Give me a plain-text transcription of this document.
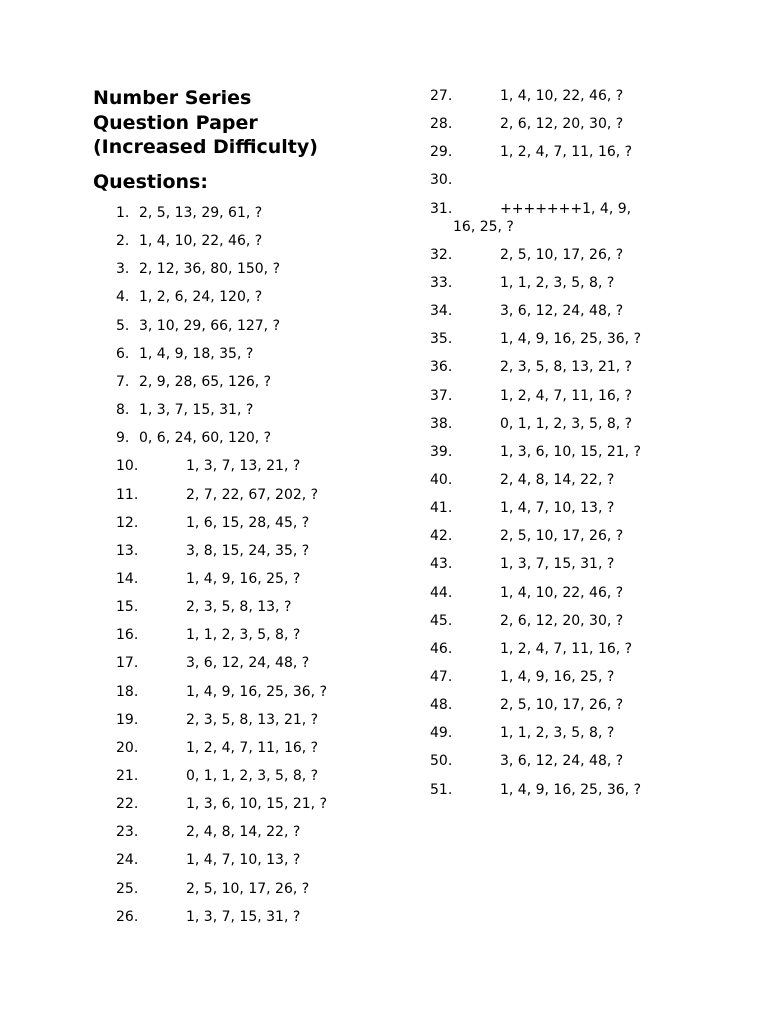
Number Series
Question Paper
(Increased Difficulty)
Questions:
1. 2, 5, 13, 29, 61, ?
2. 1, 4, 10, 22, 46, ?
3. 2, 12, 36, 80, 150, ?
4. 1, 2, 6, 24, 120, ?
5. 3, 10, 29, 66, 127, ?
6. 1, 4, 9, 18, 35, ?
7. 2, 9, 28, 65, 126, ?
8. 1, 3, 7, 15, 31, ?
9. 0, 6, 24, 60, 120, ?
10.	1, 3, 7, 13, 21, ?
11.	2, 7, 22, 67, 202, ?
12.	1, 6, 15, 28, 45, ?
13.	3, 8, 15, 24, 35, ?
14.	1, 4, 9, 16, 25, ?
15.	2, 3, 5, 8, 13, ?
16.	1, 1, 2, 3, 5, 8, ?
17.	3, 6, 12, 24, 48, ?
18.	1, 4, 9, 16, 25, 36, ?
19.	2, 3, 5, 8, 13, 21, ?
20.	1, 2, 4, 7, 11, 16, ?
21.	0, 1, 1, 2, 3, 5, 8, ?
22.	1, 3, 6, 10, 15, 21, ?
23.	2, 4, 8, 14, 22, ?
24.	1, 4, 7, 10, 13, ?
25.	2, 5, 10, 17, 26, ?
26.	1, 3, 7, 15, 31, ?
27.	1, 4, 10, 22, 46, ?
28.	2, 6, 12, 20, 30, ?
29.	1, 2, 4, 7, 11, 16, ?
30.
31.	+++++++1, 4, 9, 16, 25, ?
32.	2, 5, 10, 17, 26, ?
33.	1, 1, 2, 3, 5, 8, ?
34.	3, 6, 12, 24, 48, ?
35.	1, 4, 9, 16, 25, 36, ?
36.	2, 3, 5, 8, 13, 21, ?
37.	1, 2, 4, 7, 11, 16, ?
38.	0, 1, 1, 2, 3, 5, 8, ?
39.	1, 3, 6, 10, 15, 21, ?
40.	2, 4, 8, 14, 22, ?
41.	1, 4, 7, 10, 13, ?
42.	2, 5, 10, 17, 26, ?
43.	1, 3, 7, 15, 31, ?
44.	1, 4, 10, 22, 46, ?
45.	2, 6, 12, 20, 30, ?
46.	1, 2, 4, 7, 11, 16, ?
47.	1, 4, 9, 16, 25, ?
48.	2, 5, 10, 17, 26, ?
49.	1, 1, 2, 3, 5, 8, ?
50.	3, 6, 12, 24, 48, ?
51.	1, 4, 9, 16, 25, 36, ?
